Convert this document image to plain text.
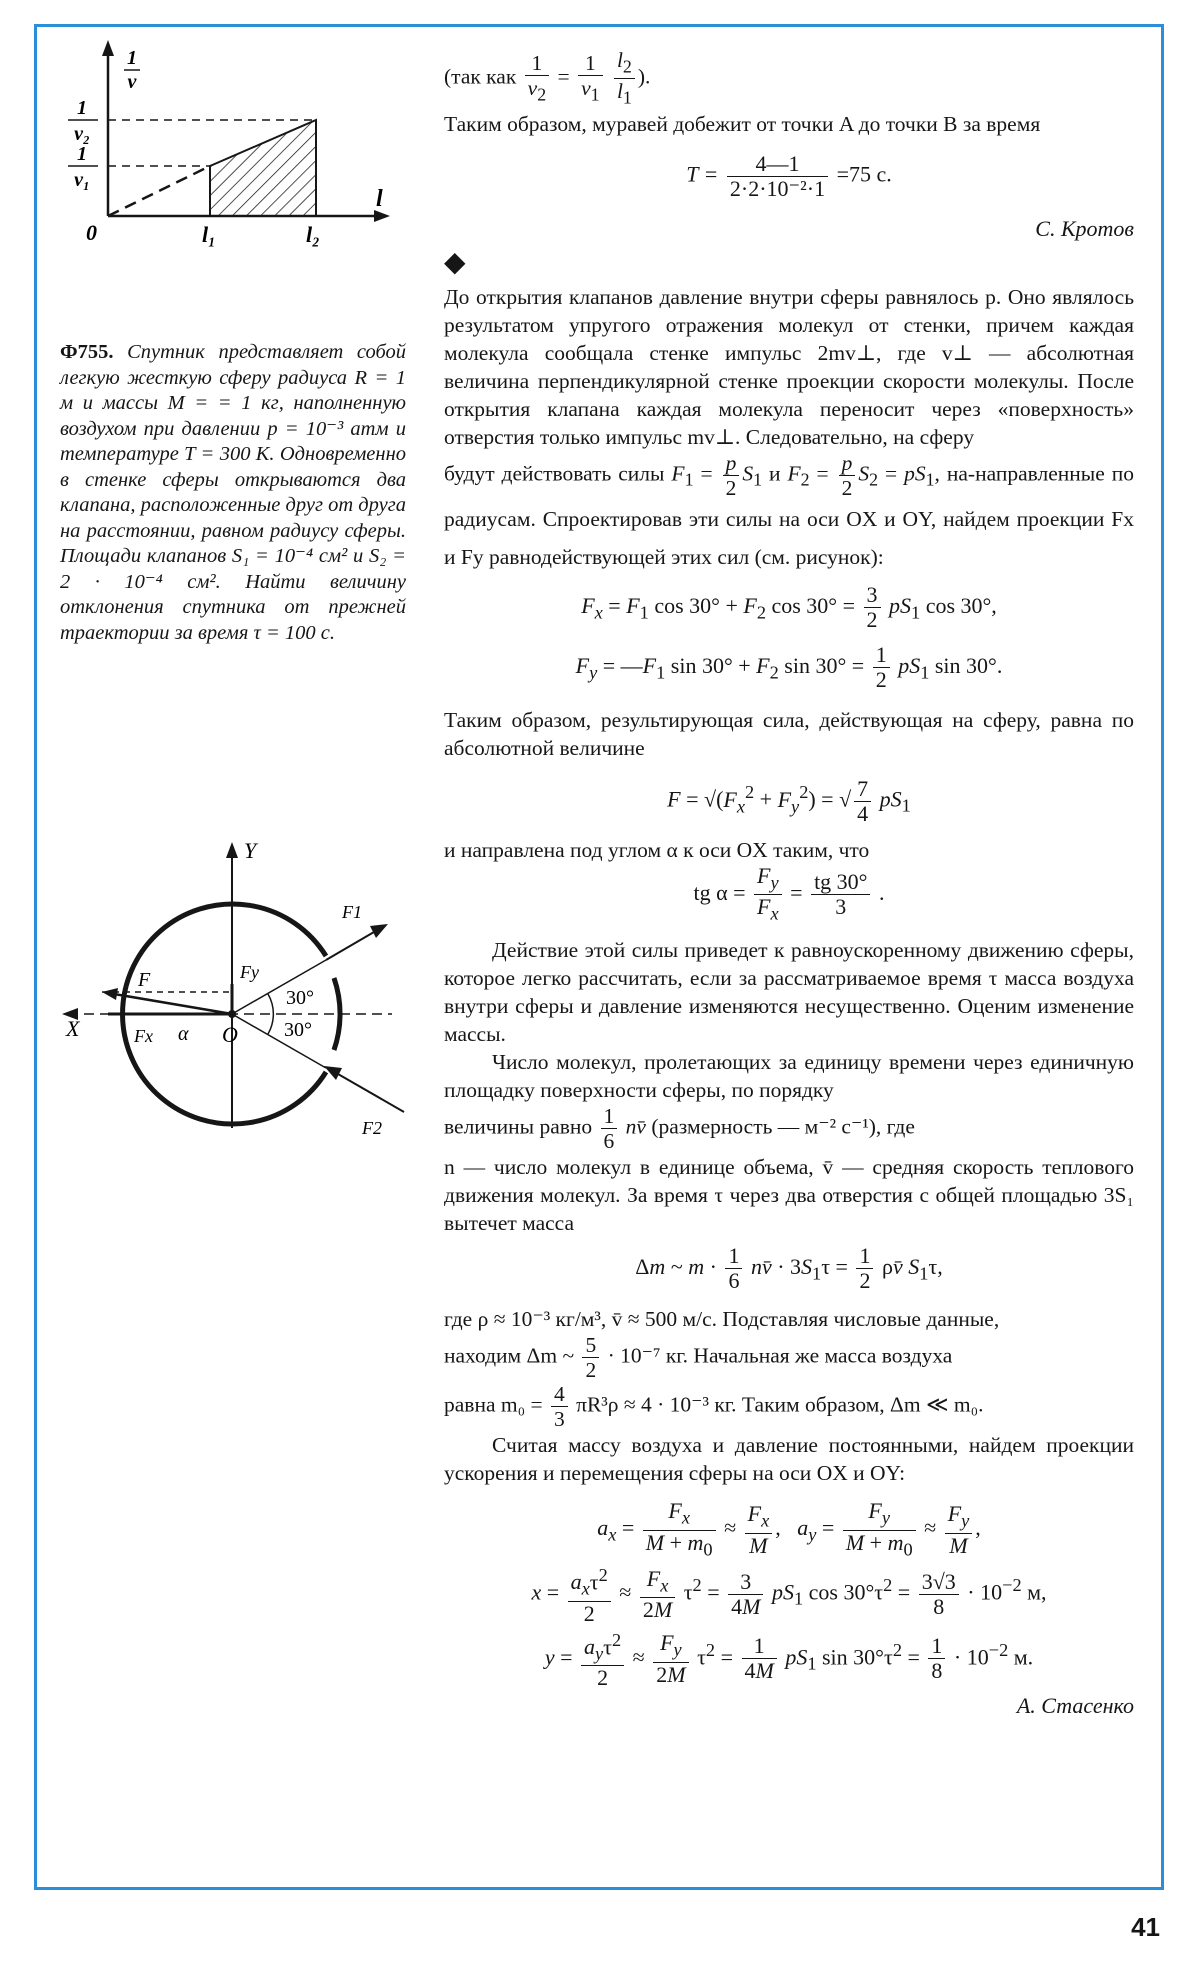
1
v
1
v₂
1
v₁
l
0	l₁	l₂
Ф755. Спутник представляет собой легкую жесткую сферу радиуса R = 1 м и массы M = = 1 кг, наполненную воздухом при давлении p = 10⁻³ атм и температуре T = 300 К. Одновременно в стенке сферы открываются два клапана, расположенные друг от друга на расстоянии, равном радиусу сферы. Площади клапанов S₁ = 10⁻⁴ см² и S₂ = 2 · 10⁻⁴ см². Найти величину отклонения спутника от прежней траектории за время τ = 100 с.
Y
X	O
F
Fx
Fy
F1
F2
α
30°
30°

(так как $\frac{1}{v_2} = \frac{1}{v_1}$
$\frac{l_2}{l_1}$ ).

Таким образом, муравей добежит от точки A до точки B за время

$T = \frac{4—1}{\text{2·2·10⁻²·1}} =75$ с.

С. Кротов

◆

До открытия клапанов давление внутри сферы равнялось p. Оно являлось результатом упругого отражения молекул от стенки, причем каждая молекула сообщала стенке импульс 2mv⊥, где v⊥ — абсолютная величина перпендикулярной стенке проекции скорости молекулы. После открытия клапана каждая молекула переносит через «поверхность» отверстия только импульс mv⊥. Следовательно, на сферу

будут действовать силы $F_1 = \frac{p}{2} S_1$ и $F_2 = \frac{p}{2} S_2 = pS_1$, на-направленные по радиусам. Спроектировав эти силы на оси OX и OY, найдем проекции Fx и Fy равнодействующей этих сил (см. рисунок):

$F_x = F_1$ $\cos 30^\circ + F_2$ $\cos 30^\circ = \frac{3}{2} pS_1$ cos 30°,
$F_y$ = $—F_1$ $\sin 30^\circ + F_2$ $\sin 30^\circ = \frac{1}{2} pS_1$ sin 30°.

Таким образом, результирующая сила, действующая на сферу, равна по абсолютной величине

$F = √(F_x^2 + F_y^2)$ = √ $\frac{7}{4} pS_1$

и направлена под углом α к оси OX таким, что

tg $\alpha = \frac{F_y}{F_x} = \frac{tg 30^\circ}{3}$ .

Действие этой силы приведет к равноускоренному движению сферы, которое легко рассчитать, если за рассматриваемое время τ масса воздуха внутри сферы и давление изменяются несущественно. Оценим изменение массы.

Число молекул, пролетающих за единицу времени через единичную площадку поверхности сферы, по порядку

величины равно $\frac{1}{6}$ nv̄ (размерность — м⁻² с⁻¹), где

n — число молекул в единице объема, v̄ — средняя скорость теплового движения молекул. За время τ через два отверстия с общей площадью 3S₁ вытечет масса

Δm ~ $m \cdot \frac{1}{6}$ nv̄ · $3S_1\tau = \frac{1}{2}$ ρv̄ $S_1\tau$,

где ρ ≈ 10⁻³ кг/м³, v̄ ≈ 500 м/с. Подставляя числовые данные,

находим Δm ~ $\frac{5}{2} \cdot 10^{-7}$ кг. Начальная же масса воздуха

равна $m_0 = \frac{4}{3} \pi R^3\rho \approx 4 \cdot 10^{-3}$ кг. Таким образом, Δm ≪ m₀.

Считая массу воздуха и давление постоянными, найдем проекции ускорения и перемещения сферы на оси OX и OY:

$a_x = \frac{F_x}{M + m_0} \approx \frac{F_x}{M}$ ,   $a_y = \frac{F_y}{M + m_0} \approx \frac{F_y}{M}$ ,
$x = \frac{a_x\tau^2}{2} \approx \frac{F_x}{2M} \tau^2 = \frac{3}{4M} pS_1$ $\cos 30^\circ\tau^2 = \frac{3√3}{8} \cdot 10^{-2}$ м,
$y = \frac{a_y\tau^2}{2} \approx \frac{F_y}{2M} \tau^2 = \frac{1}{4M} pS_1$ $\sin 30^\circ\tau^2 = \frac{1}{8} \cdot 10^{-2}$ м.

А. Стасенко

41
